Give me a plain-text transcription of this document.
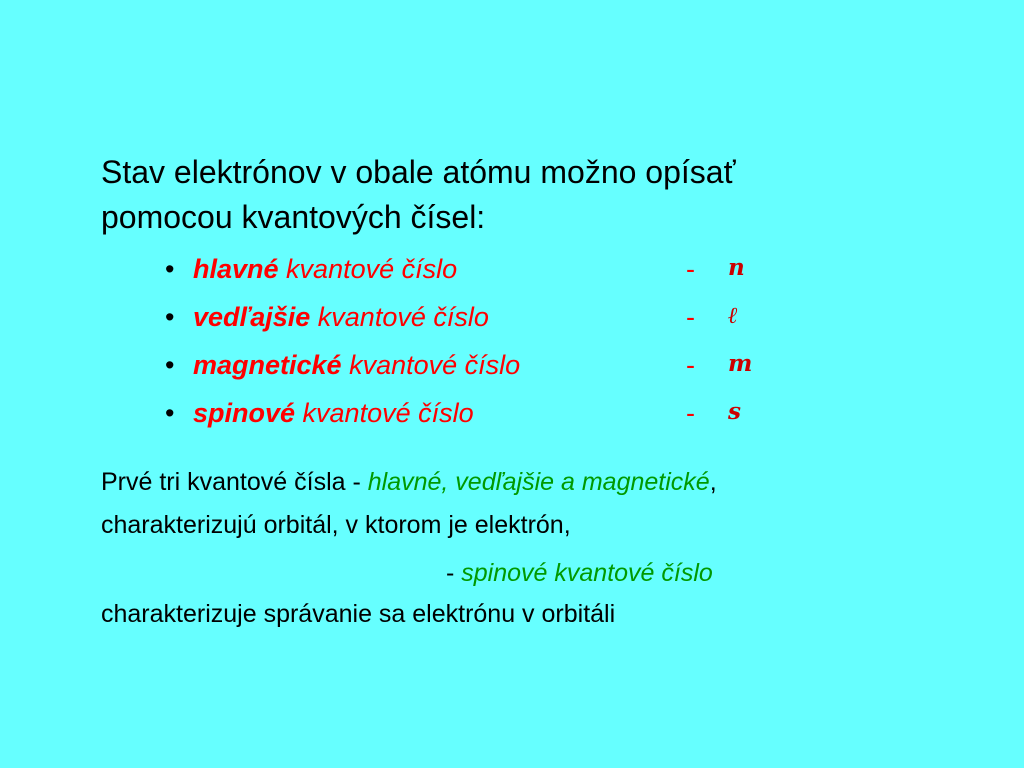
Stav elektrónov v obale atómu možno opísať
pomocou kvantových čísel:
• hlavné kvantové číslo	- n
• vedľajšie kvantové číslo	- ℓ
• magnetické kvantové číslo	- m
• spinové kvantové číslo	- s
Prvé tri kvantové čísla - hlavné, vedľajšie a magnetické,
charakterizujú orbitál, v ktorom je elektrón,
- spinové kvantové číslo
charakterizuje správanie sa elektrónu v orbitáli
